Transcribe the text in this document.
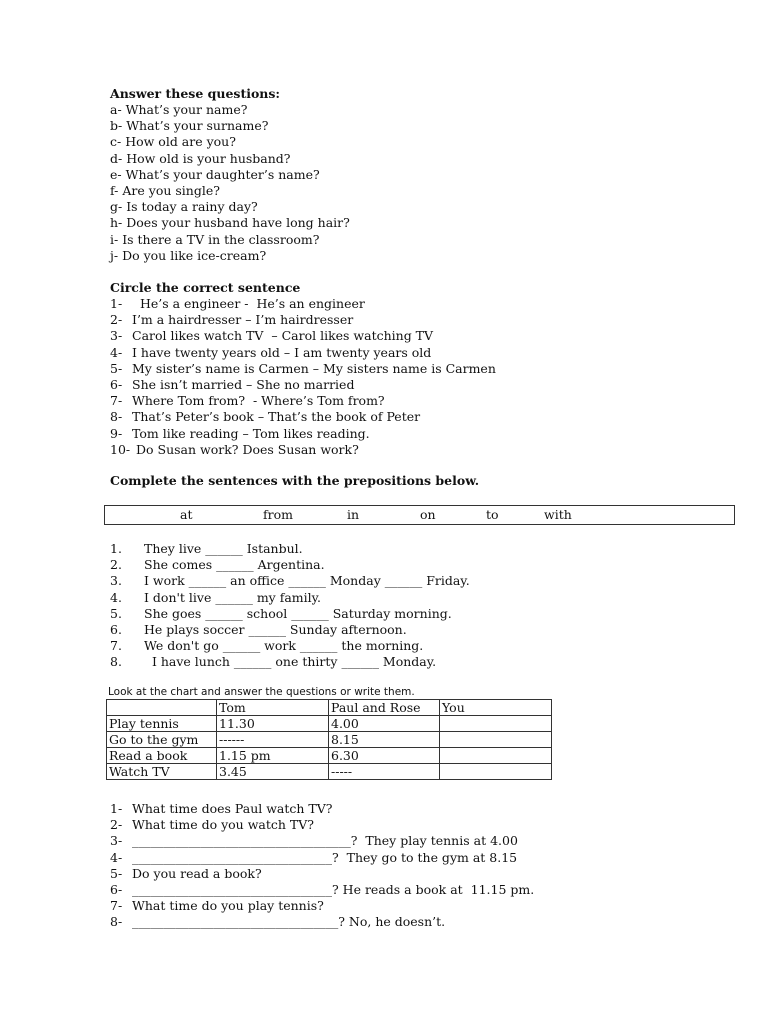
Answer these questions:
a- What’s your name?
b- What’s your surname?
c- How old are you?
d- How old is your husband?
e- What’s your daughter’s name?
f- Are you single?
g- Is today a rainy day?
h- Does your husband have long hair?
i- Is there a TV in the classroom?
j- Do you like ice-cream?
Circle the correct sentence
1-  He’s a engineer -  He’s an engineer
2- I’m a hairdresser – I’m hairdresser
3- Carol likes watch TV  – Carol likes watching TV
4- I have twenty years old – I am twenty years old
5- My sister’s name is Carmen – My sisters name is Carmen
6- She isn’t married – She no married
7- Where Tom from?  - Where’s Tom from?
8- That’s Peter’s book – That’s the book of Peter
9- Tom like reading – Tom likes reading.
10- Do Susan work? Does Susan work?
Complete the sentences with the prepositions below.
at	from	in	on	to	with
1. They live ______ Istanbul.
2. She comes ______ Argentina.
3. I work ______ an office ______ Monday ______ Friday.
4. I don't live ______ my family.
5. She goes ______ school ______ Saturday morning.
6. He plays soccer ______ Sunday afternoon.
7. We don't go ______ work ______ the morning.
8.  I have lunch ______ one thirty ______ Monday.
Look at the chart and answer the questions or write them.
	Tom	Paul and Rose	You
Play tennis	11.30	4.00	
Go to the gym	------	8.15	
Read a book	1.15 pm	6.30	
Watch TV	3.45	-----	
1- What time does Paul watch TV?
2- What time do you watch TV?
3- ___________________________________?  They play tennis at 4.00
4- ________________________________?  They go to the gym at 8.15
5- Do you read a book?
6- ________________________________? He reads a book at  11.15 pm.
7- What time do you play tennis?
8- _________________________________? No, he doesn’t.
